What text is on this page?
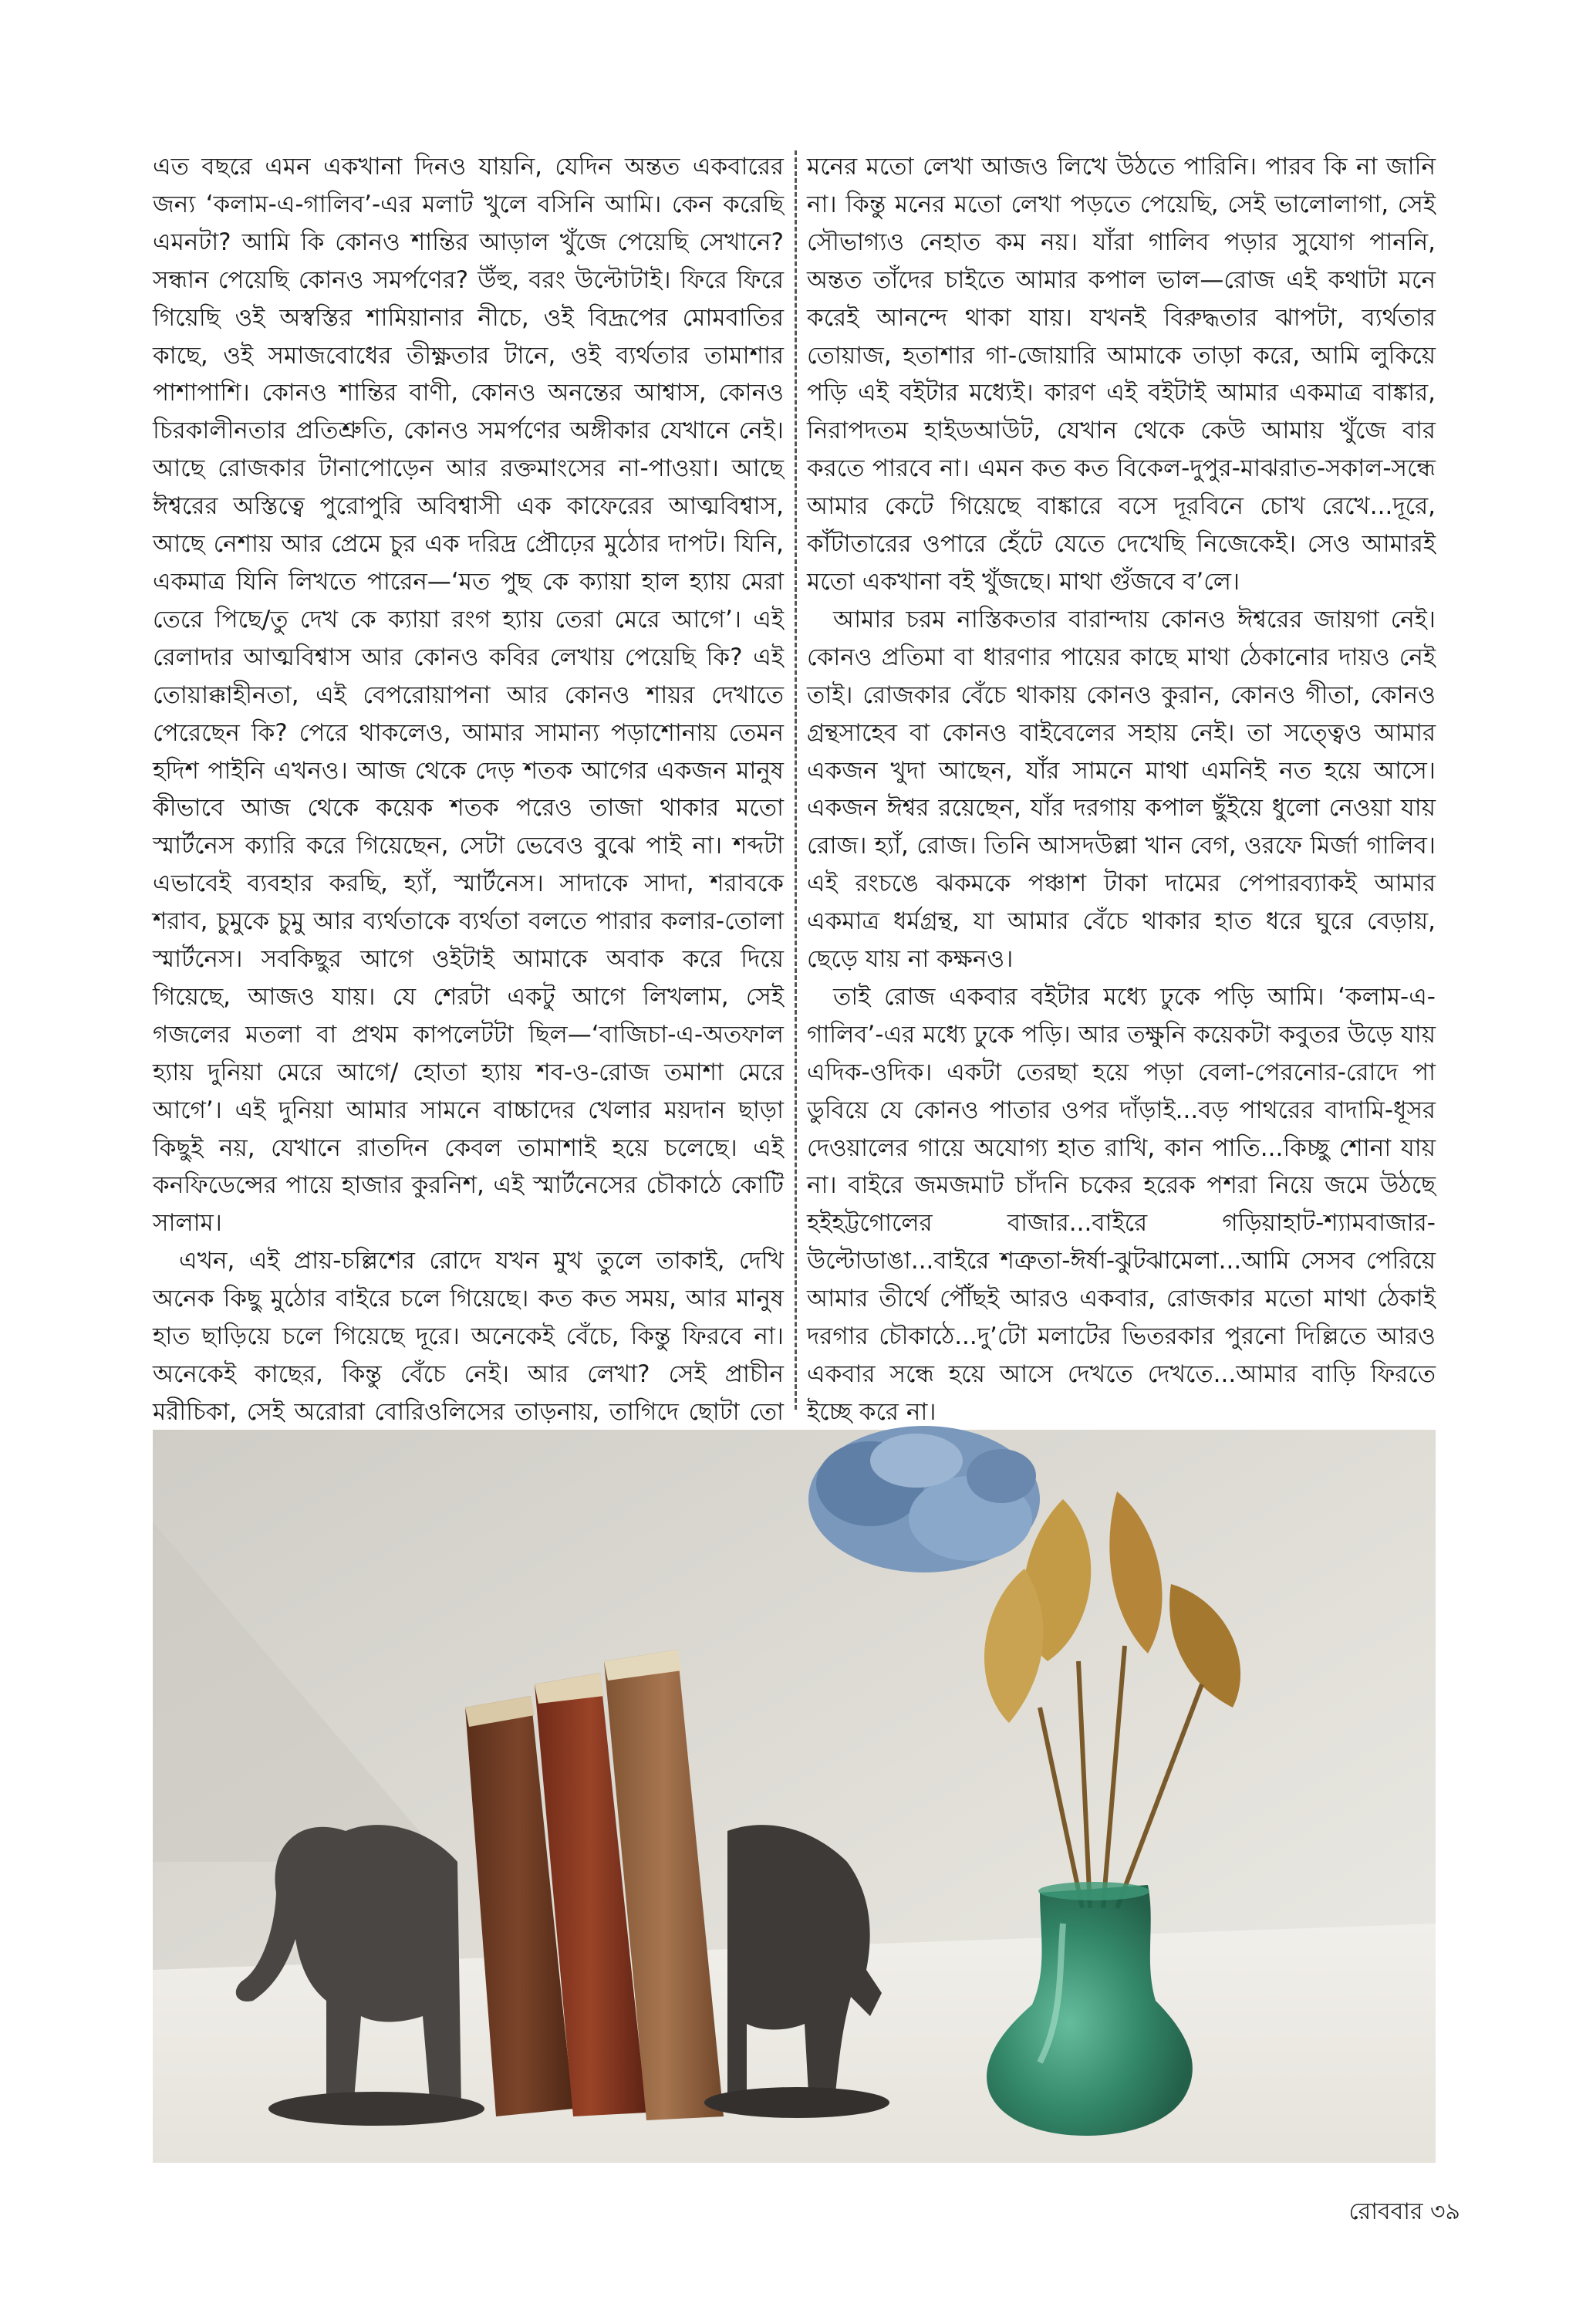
এত বছরে এমন একখানা দিনও যায়নি, যেদিন অন্তত একবারের জন্য ‘কলাম-এ-গালিব’-এর মলাট খুলে বসিনি আমি। কেন করেছি এমনটা? আমি কি কোনও শান্তির আড়াল খুঁজে পেয়েছি সেখানে? সন্ধান পেয়েছি কোনও সমর্পণের? উঁহু, বরং উল্টোটাই। ফিরে ফিরে গিয়েছি ওই অস্বস্তির শামিয়ানার নীচে, ওই বিদ্রূপের মোমবাতির কাছে, ওই সমাজবোধের তীক্ষ্ণতার টানে, ওই ব্যর্থতার তামাশার পাশাপাশি। কোনও শান্তির বাণী, কোনও অনন্তের আশ্বাস, কোনও চিরকালীনতার প্রতিশ্রুতি, কোনও সমর্পণের অঙ্গীকার যেখানে নেই। আছে রোজকার টানাপোড়েন আর রক্তমাংসের না-পাওয়া। আছে ঈশ্বরের অস্তিত্বে পুরোপুরি অবিশ্বাসী এক কাফেরের আত্মবিশ্বাস, আছে নেশায় আর প্রেমে চুর এক দরিদ্র প্রৌঢ়ের মুঠোর দাপট। যিনি, একমাত্র যিনি লিখতে পারেন—‘মত পুছ কে ক্যায়া হাল হ্যায় মেরা তেরে পিছে/তু দেখ কে ক্যায়া রংগ হ্যায় তেরা মেরে আগে’। এই রেলাদার আত্মবিশ্বাস আর কোনও কবির লেখায় পেয়েছি কি? এই তোয়াক্কাহীনতা, এই বেপরোয়াপনা আর কোনও শায়র দেখাতে পেরেছেন কি? পেরে থাকলেও, আমার সামান্য পড়াশোনায় তেমন হদিশ পাইনি এখনও। আজ থেকে দেড় শতক আগের একজন মানুষ কীভাবে আজ থেকে কয়েক শতক পরেও তাজা থাকার মতো স্মার্টনেস ক্যারি করে গিয়েছেন, সেটা ভেবেও বুঝে পাই না। শব্দটা এভাবেই ব্যবহার করছি, হ্যাঁ, স্মার্টনেস। সাদাকে সাদা, শরাবকে শরাব, চুমুকে চুমু আর ব্যর্থতাকে ব্যর্থতা বলতে পারার কলার-তোলা স্মার্টনেস। সবকিছুর আগে ওইটাই আমাকে অবাক করে দিয়ে গিয়েছে, আজও যায়। যে শেরটা একটু আগে লিখলাম, সেই গজলের মতলা বা প্রথম কাপলেটটা ছিল—‘বাজিচা-এ-অতফাল হ্যায় দুনিয়া মেরে আগে/ হোতা হ্যায় শব-ও-রোজ তমাশা মেরে আগে’। এই দুনিয়া আমার সামনে বাচ্চাদের খেলার ময়দান ছাড়া কিছুই নয়, যেখানে রাতদিন কেবল তামাশাই হয়ে চলেছে। এই কনফিডেন্সের পায়ে হাজার কুরনিশ, এই স্মার্টনেসের চৌকাঠে কোটি সালাম।

এখন, এই প্রায়-চল্লিশের রোদে যখন মুখ তুলে তাকাই, দেখি অনেক কিছু মুঠোর বাইরে চলে গিয়েছে। কত কত সময়, আর মানুষ হাত ছাড়িয়ে চলে গিয়েছে দূরে। অনেকেই বেঁচে, কিন্তু ফিরবে না। অনেকেই কাছের, কিন্তু বেঁচে নেই। আর লেখা? সেই প্রাচীন মরীচিকা, সেই অরোরা বোরিওলিসের তাড়নায়, তাগিদে ছোটা তো

মনের মতো লেখা আজও লিখে উঠতে পারিনি। পারব কি না জানি না। কিন্তু মনের মতো লেখা পড়তে পেয়েছি, সেই ভালোলাগা, সেই সৌভাগ্যও নেহাত কম নয়। যাঁরা গালিব পড়ার সুযোগ পাননি, অন্তত তাঁদের চাইতে আমার কপাল ভাল—রোজ এই কথাটা মনে করেই আনন্দে থাকা যায়। যখনই বিরুদ্ধতার ঝাপটা, ব্যর্থতার তোয়াজ, হতাশার গা-জোয়ারি আমাকে তাড়া করে, আমি লুকিয়ে পড়ি এই বইটার মধ্যেই। কারণ এই বইটাই আমার একমাত্র বাঙ্কার, নিরাপদতম হাইডআউট, যেখান থেকে কেউ আমায় খুঁজে বার করতে পারবে না। এমন কত কত বিকেল-দুপুর-মাঝরাত-সকাল-সন্ধে আমার কেটে গিয়েছে বাঙ্কারে বসে দূরবিনে চোখ রেখে...দূরে, কাঁটাতারের ওপারে হেঁটে যেতে দেখেছি নিজেকেই। সেও আমারই মতো একখানা বই খুঁজছে। মাথা গুঁজবে ব’লে।

আমার চরম নাস্তিকতার বারান্দায় কোনও ঈশ্বরের জায়গা নেই। কোনও প্রতিমা বা ধারণার পায়ের কাছে মাথা ঠেকানোর দায়ও নেই তাই। রোজকার বেঁচে থাকায় কোনও কুরান, কোনও গীতা, কোনও গ্রন্থসাহেব বা কোনও বাইবেলের সহায় নেই। তা সত্ত্বেও আমার একজন খুদা আছেন, যাঁর সামনে মাথা এমনিই নত হয়ে আসে। একজন ঈশ্বর রয়েছেন, যাঁর দরগায় কপাল ছুঁইয়ে ধুলো নেওয়া যায় রোজ। হ্যাঁ, রোজ। তিনি আসদউল্লা খান বেগ, ওরফে মির্জা গালিব। এই রংচঙে ঝকমকে পঞ্চাশ টাকা দামের পেপারব্যাকই আমার একমাত্র ধর্মগ্রন্থ, যা আমার বেঁচে থাকার হাত ধরে ঘুরে বেড়ায়, ছেড়ে যায় না কক্ষনও।

তাই রোজ একবার বইটার মধ্যে ঢুকে পড়ি আমি। ‘কলাম-এ-গালিব’-এর মধ্যে ঢুকে পড়ি। আর তক্ষুনি কয়েকটা কবুতর উড়ে যায় এদিক-ওদিক। একটা তেরছা হয়ে পড়া বেলা-পেরনোর-রোদে পা ডুবিয়ে যে কোনও পাতার ওপর দাঁড়াই...বড় পাথরের বাদামি-ধূসর দেওয়ালের গায়ে অযোগ্য হাত রাখি, কান পাতি...কিচ্ছু শোনা যায় না। বাইরে জমজমাট চাঁদনি চকের হরেক পশরা নিয়ে জমে উঠছে হইহট্টগোলের বাজার...বাইরে গড়িয়াহাট-শ্যামবাজার-উল্টোডাঙা...বাইরে শত্রুতা-ঈর্ষা-ঝুটঝামেলা...আমি সেসব পেরিয়ে আমার তীর্থে পৌঁছই আরও একবার, রোজকার মতো মাথা ঠেকাই দরগার চৌকাঠে...দু’টো মলাটের ভিতরকার পুরনো দিল্লিতে আরও একবার সন্ধে হয়ে আসে দেখতে দেখতে...আমার বাড়ি ফিরতে ইচ্ছে করে না।

রোববার ৩৯
